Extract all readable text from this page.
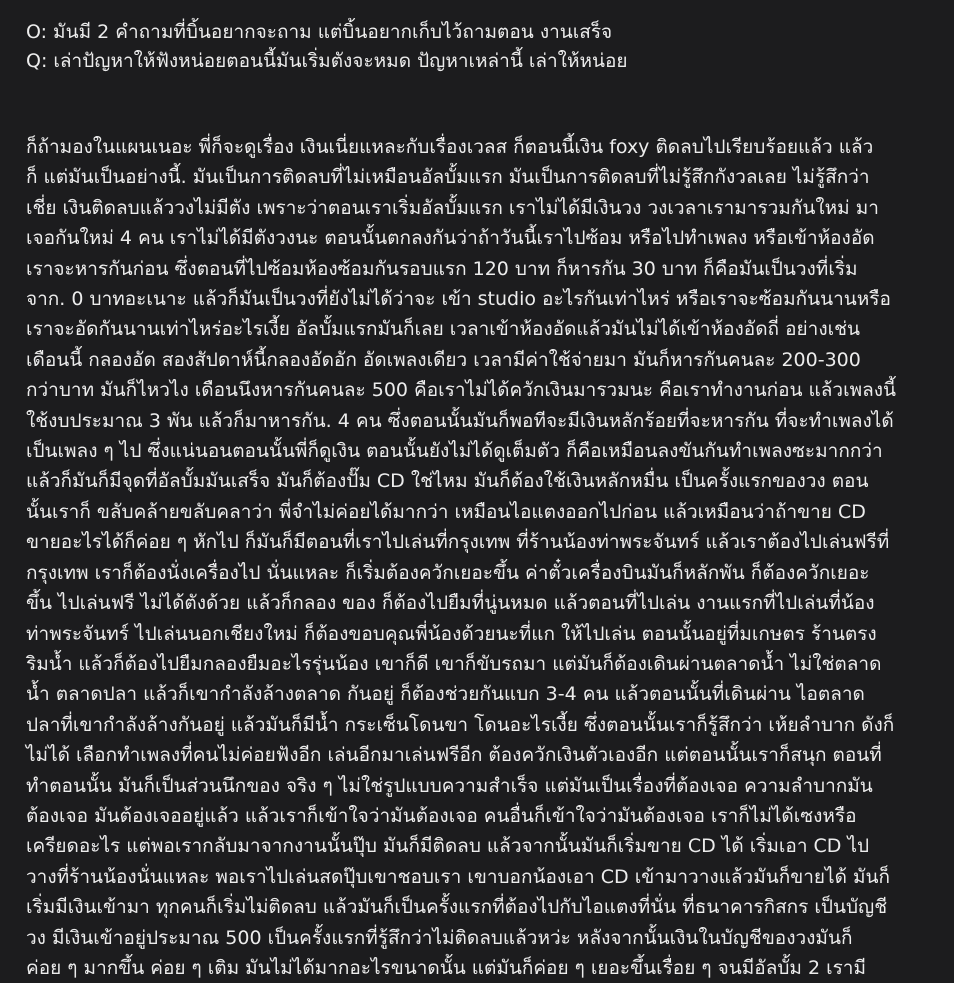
O: มันมี 2 คำถามที่บิ้นอยากจะถาม แต่บิ้นอยากเก็บไว้ถามตอน งานเสร็จ

Q: เล่าปัญหาให้ฟังหน่อยตอนนี้มันเริ่มตังจะหมด ปัญหาเหล่านี้ เล่าให้หน่อย

ก็ถ้ามองในแผนเนอะ พี่ก็จะดูเรื่อง เงินเนี่ยแหละกับเรื่องเวลส ก็ตอนนี้เงิน foxy ติดลบไปเรียบร้อยแล้ว แล้ว

ก็ แต่มันเป็นอย่างนี้. มันเป็นการติดลบที่ไม่เหมือนอัลบั้มแรก มันเป็นการติดลบที่ไม่รู้สึกกังวลเลย ไม่รู้สึกว่า

เชี่ย เงินติดลบแล้ววงไม่มีตัง เพราะว่าตอนเราเริ่มอัลบั้มแรก เราไม่ได้มีเงินวง วงเวลาเรามารวมกันใหม่ มา

เจอกันใหม่ 4 คน เราไม่ได้มีตังวงนะ ตอนนั้นตกลงกันว่าถ้าวันนี้เราไปซ้อม หรือไปทำเพลง หรือเข้าห้องอัด

เราจะหารกันก่อน ซึ่งตอนที่ไปซ้อมห้องซ้อมกันรอบแรก 120 บาท ก็หารกัน 30 บาท ก็คือมันเป็นวงที่เริ่ม

จาก. 0 บาทอะเนาะ แล้วก็มันเป็นวงที่ยังไม่ได้ว่าจะ เข้า studio อะไรกันเท่าไหร่ หรือเราจะซ้อมกันนานหรือ

เราจะอัดกันนานเท่าไหร่อะไรเงี้ย อัลบั้มแรกมันก็เลย เวลาเข้าห้องอัดแล้วมันไม่ได้เข้าห้องอัดถี่ อย่างเช่น

เดือนนี้ กลองอัด สองสัปดาห์นี้กลองอัดอัก อัดเพลงเดียว เวลามีค่าใช้จ่ายมา มันก็หารกันคนละ 200-300

กว่าบาท มันก็ไหวไง เดือนนึงหารกันคนละ 500 คือเราไม่ได้ควักเงินมารวมนะ คือเราทำงานก่อน แล้วเพลงนี้

ใช้งบประมาณ 3 พัน แล้วก็มาหารกัน. 4 คน ซึ่งตอนนั้นมันก็พอทีจะมีเงินหลักร้อยที่จะหารกัน ที่จะทำเพลงได้

เป็นเพลง ๆ ไป ซึ่งแน่นอนตอนนั้นพี่ก็ดูเงิน ตอนนั้นยังไม่ได้ดูเต็มตัว ก็คือเหมือนลงขันกันทำเพลงซะมากกว่า

แล้วก็มันก็มีจุดที่อัลบั้มมันเสร็จ มันก็ต้องปั๊ม CD ใช่ไหม มันก็ต้องใช้เงินหลักหมื่น เป็นครั้งแรกของวง ตอน

นั้นเราก็ ขลับคล้ายขลับคลาว่า พี่จำไม่ค่อยได้มากว่า เหมือนไอแตงออกไปก่อน แล้วเหมือนว่าถ้าขาย CD

ขายอะไรได้ก็ค่อย ๆ หักไป ก็มันก็มีตอนที่เราไปเล่นที่กรุงเทพ ที่ร้านน้องท่าพระจันทร์ แล้วเราต้องไปเล่นฟรีที่

กรุงเทพ เราก็ต้องนั่งเครื่องไป นั่นแหละ ก็เริ่มต้องควักเยอะขึ้น ค่าตั๋วเครื่องบินมันก็หลักพัน ก็ต้องควักเยอะ

ขึ้น ไปเล่นฟรี ไม่ได้ตังด้วย แล้วก็กลอง ของ ก็ต้องไปยืมที่นู่นหมด แล้วตอนที่ไปเล่น งานแรกที่ไปเล่นที่น้อง

ท่าพระจันทร์ ไปเล่นนอกเชียงใหม่ ก็ต้องขอบคุณพี่น้องด้วยนะที่แก ให้ไปเล่น ตอนนั้นอยู่ที่มเกษตร ร้านตรง

ริมน้ำ แล้วก็ต้องไปยืมกลองยืมอะไรรุ่นน้อง เขาก็ดี เขาก็ขับรถมา แต่มันก็ต้องเดินผ่านตลาดน้ำ ไม่ใช่ตลาด

น้ำ ตลาดปลา แล้วก็เขากำลังล้างตลาด กันอยู่ ก็ต้องช่วยกันแบก 3-4 คน แล้วตอนนั้นที่เดินผ่าน ไอตลาด

ปลาที่เขากำลังล้างกันอยู่ แล้วมันก็มีน้ำ กระเซ็นโดนขา โดนอะไรเงี้ย ซึ่งตอนนั้นเราก็รู้สึกว่า เห้ยลำบาก ดังก็

ไม่ได้ เลือกทำเพลงที่คนไม่ค่อยฟังอีก เล่นอีกมาเล่นฟรีอีก ต้องควักเงินตัวเองอีก แต่ตอนนั้นเราก็สนุก ตอนที่

ทำตอนนั้น มันก็เป็นส่วนนึกของ จริง ๆ ไม่ใช่รูปแบบความสำเร็จ แต่มันเป็นเรื่องที่ต้องเจอ ความลำบากมัน

ต้องเจอ มันต้องเจออยู่แล้ว แล้วเราก็เข้าใจว่ามันต้องเจอ คนอื่นก็เข้าใจว่ามันต้องเจอ เราก็ไม่ได้เซงหรือ

เครียดอะไร แต่พอเรากลับมาจากงานนั้นปุ๊บ มันก็มีติดลบ แล้วจากนั้นมันก็เริ่มขาย CD ได้ เริ่มเอา CD ไป

วางที่ร้านน้องนั่นแหละ พอเราไปเล่นสดปุ๊บเขาชอบเรา เขาบอกน้องเอา CD เข้ามาวางแล้วมันก็ขายได้ มันก็

เริ่มมีเงินเข้ามา ทุกคนก็เริ่มไม่ติดลบ แล้วมันก็เป็นครั้งแรกที่ต้องไปกับไอแตงที่นั่น ที่ธนาคารกิสกร เป็นบัญชี

วง มีเงินเข้าอยู่ประมาณ 500 เป็นครั้งแรกที่รู้สึกว่าไม่ติดลบแล้วหว่ะ หลังจากนั้นเงินในบัญชีของวงมันก็

ค่อย ๆ มากขึ้น ค่อย ๆ เติม มันไม่ได้มากอะไรขนาดนั้น แต่มันก็ค่อย ๆ เยอะขึ้นเรื่อย ๆ จนมีอัลบั้ม 2 เรามี
